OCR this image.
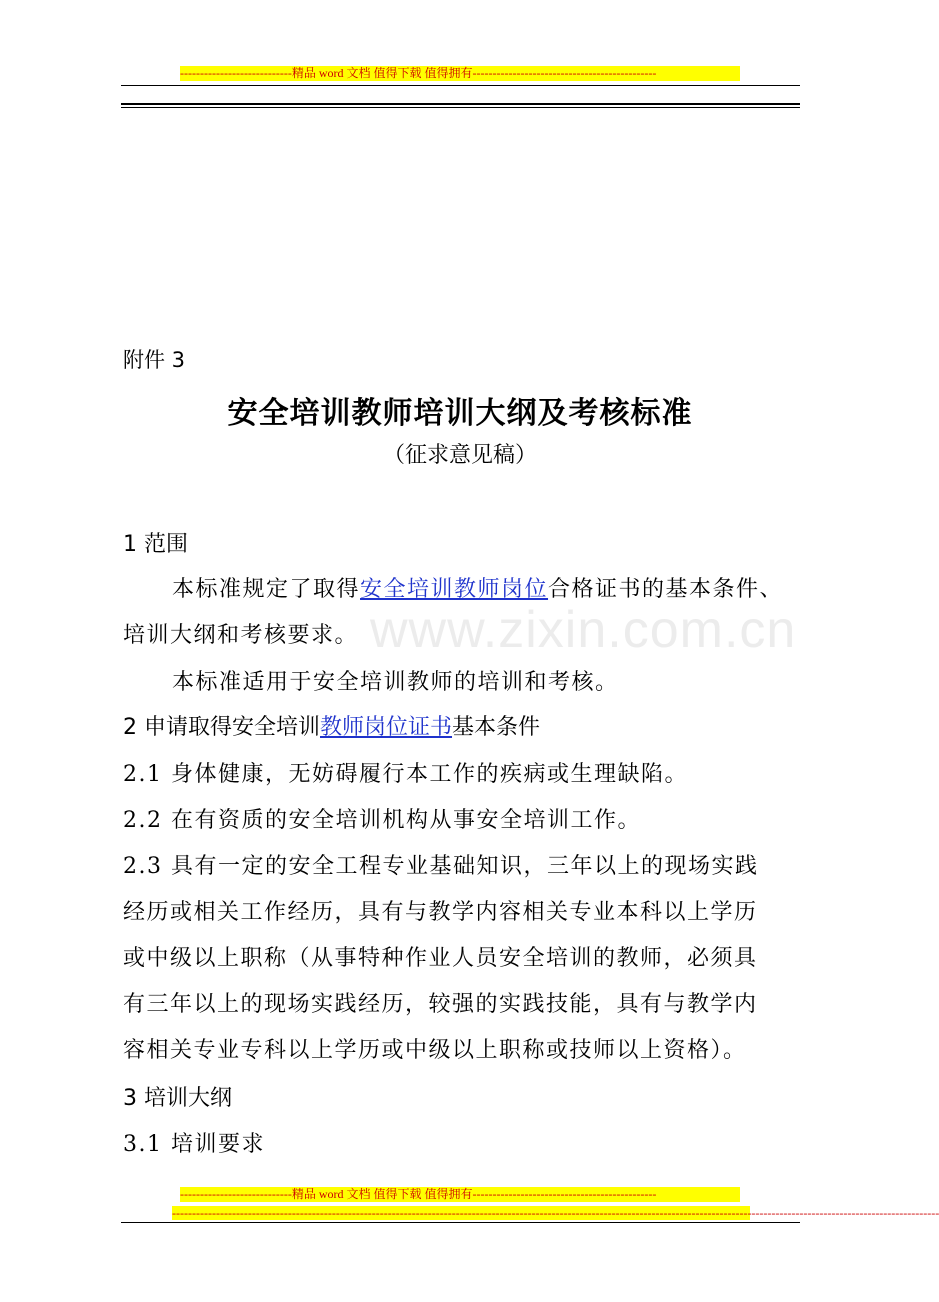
----------------------------精品 word 文档 值得下载 值得拥有----------------------------------------------
www.zixin.com.cn
附件 3
安全培训教师培训大纲及考核标准
（征求意见稿）
1 范围
本标准规定了取得安全培训教师岗位合格证书的基本条件、
培训大纲和考核要求。
本标准适用于安全培训教师的培训和考核。
2 申请取得安全培训教师岗位证书基本条件
2.1 身体健康，无妨碍履行本工作的疾病或生理缺陷。
2.2 在有资质的安全培训机构从事安全培训工作。
2.3 具有一定的安全工程专业基础知识，三年以上的现场实践
经历或相关工作经历，具有与教学内容相关专业本科以上学历
或中级以上职称（从事特种作业人员安全培训的教师，必须具
有三年以上的现场实践经历，较强的实践技能，具有与教学内
容相关专业专科以上学历或中级以上职称或技师以上资格）。
3 培训大纲
3.1 培训要求
----------------------------精品 word 文档 值得下载 值得拥有----------------------------------------------
------------------------------------------------------------------------------------------------------------------------------------------------------------------------------------------------
